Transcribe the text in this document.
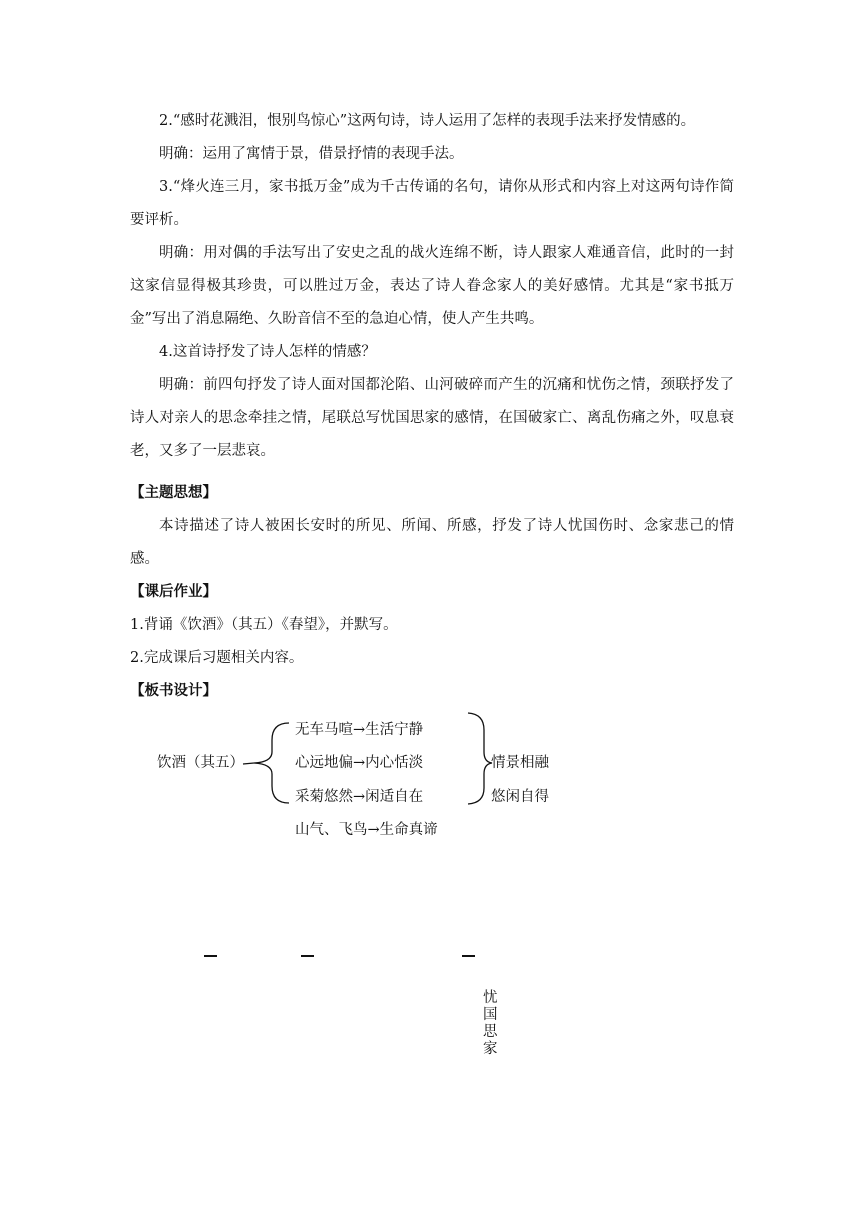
2.“感时花溅泪，恨别鸟惊心”这两句诗，诗人运用了怎样的表现手法来抒发情感的。

明确：运用了寓情于景，借景抒情的表现手法。

3.“烽火连三月，家书抵万金”成为千古传诵的名句，请你从形式和内容上对这两句诗作简要评析。

明确：用对偶的手法写出了安史之乱的战火连绵不断，诗人跟家人难通音信，此时的一封这家信显得极其珍贵，可以胜过万金，表达了诗人眷念家人的美好感情。尤其是“家书抵万金”写出了消息隔绝、久盼音信不至的急迫心情，使人产生共鸣。

4.这首诗抒发了诗人怎样的情感？

明确：前四句抒发了诗人面对国都沦陷、山河破碎而产生的沉痛和忧伤之情，颈联抒发了诗人对亲人的思念牵挂之情，尾联总写忧国思家的感情，在国破家亡、离乱伤痛之外，叹息衰老，又多了一层悲哀。

【主题思想】

本诗描述了诗人被困长安时的所见、所闻、所感，抒发了诗人忧国伤时、念家悲己的情感。

【课后作业】

1.背诵《饮酒》（其五）《春望》，并默写。

2.完成课后习题相关内容。

【板书设计】

饮酒（其五）
无车马喧→生活宁静
心远地偏→内心恬淡
采菊悠然→闲适自在
山气、飞鸟→生命真谛
情景相融
悠闲自得
忧国思家
